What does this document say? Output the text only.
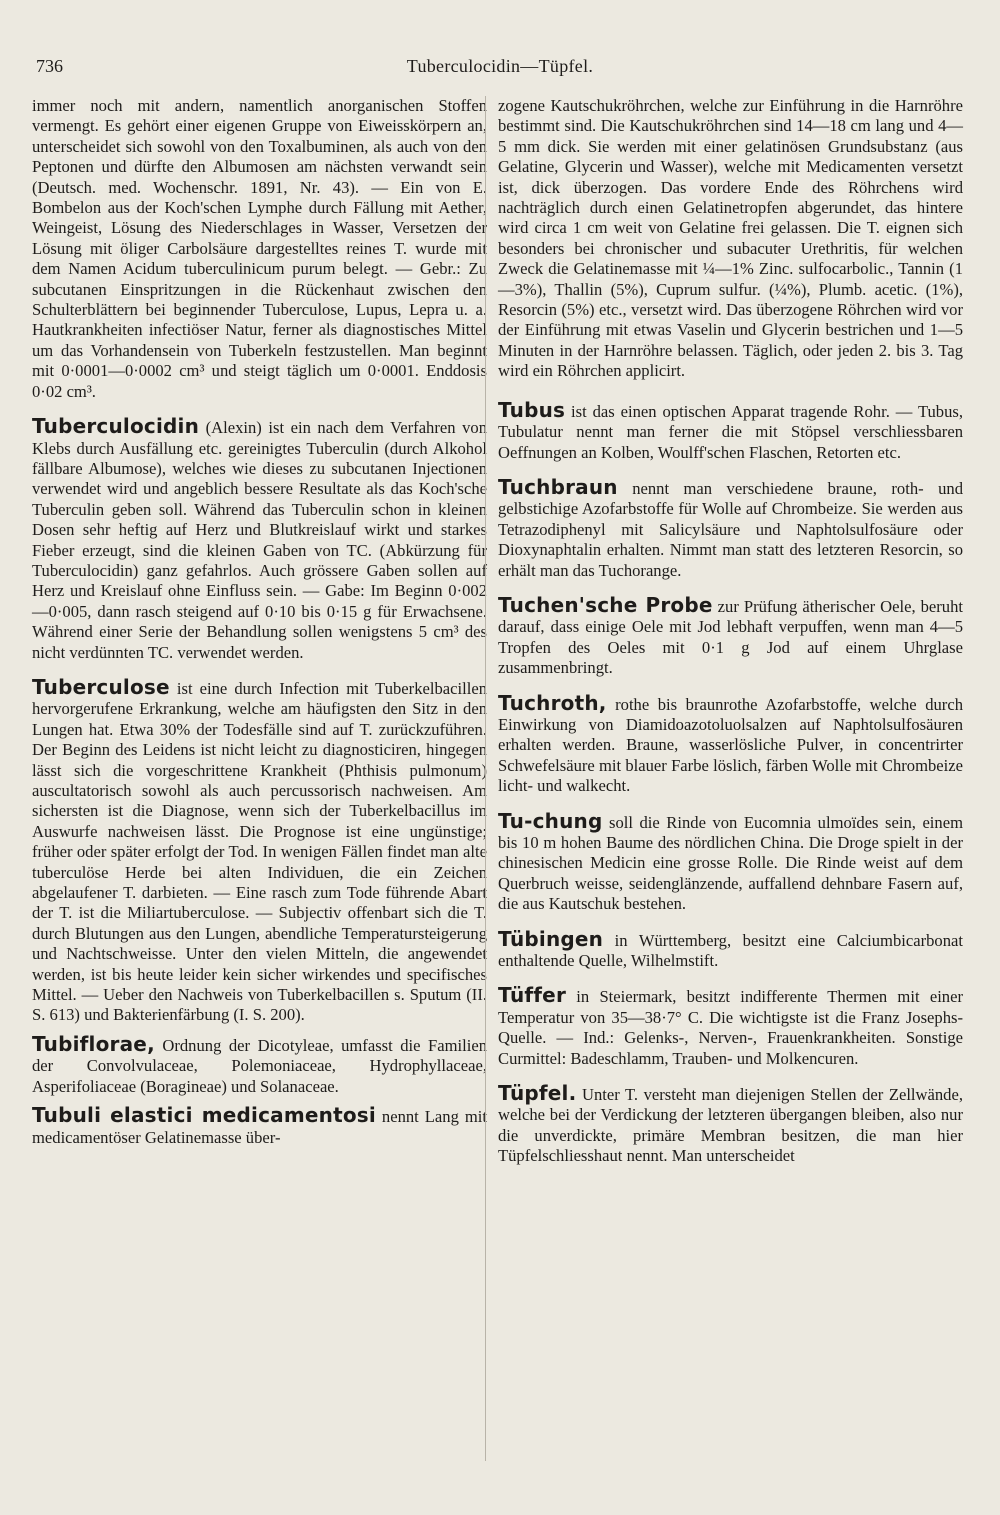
736	Tuberculocidin—Tüpfel.

immer noch mit andern, namentlich anorganischen Stoffen vermengt. Es gehört einer eigenen Gruppe von Eiweisskörpern an, unterscheidet sich sowohl von den Toxalbuminen, als auch von den Peptonen und dürfte den Albumosen am nächsten verwandt sein (Deutsch. med. Wochenschr. 1891, Nr. 43). — Ein von E. Bombelon aus der Koch'schen Lymphe durch Fällung mit Aether, Weingeist, Lösung des Niederschlages in Wasser, Versetzen der Lösung mit öliger Carbolsäure dargestelltes reines T. wurde mit dem Namen Acidum tuberculinicum purum belegt. — Gebr.: Zu subcutanen Einspritzungen in die Rückenhaut zwischen den Schulterblättern bei beginnender Tuberculose, Lupus, Lepra u. a. Hautkrankheiten infectiöser Natur, ferner als diagnostisches Mittel um das Vorhandensein von Tuberkeln festzustellen. Man beginnt mit 0·0001—0·0002 cm³ und steigt täglich um 0·0001. Enddosis 0·02 cm³.

Tuberculocidin (Alexin) ist ein nach dem Verfahren von Klebs durch Ausfällung etc. gereinigtes Tuberculin (durch Alkohol fällbare Albumose), welches wie dieses zu subcutanen Injectionen verwendet wird und angeblich bessere Resultate als das Koch'sche Tuberculin geben soll. Während das Tuberculin schon in kleinen Dosen sehr heftig auf Herz und Blutkreislauf wirkt und starkes Fieber erzeugt, sind die kleinen Gaben von TC. (Abkürzung für Tuberculocidin) ganz gefahrlos. Auch grössere Gaben sollen auf Herz und Kreislauf ohne Einfluss sein. — Gabe: Im Beginn 0·002—0·005, dann rasch steigend auf 0·10 bis 0·15 g für Erwachsene. Während einer Serie der Behandlung sollen wenigstens 5 cm³ des nicht verdünnten TC. verwendet werden.

Tuberculose ist eine durch Infection mit Tuberkelbacillen hervorgerufene Erkrankung, welche am häufigsten den Sitz in den Lungen hat. Etwa 30% der Todesfälle sind auf T. zurückzuführen. Der Beginn des Leidens ist nicht leicht zu diagnosticiren, hingegen lässt sich die vorgeschrittene Krankheit (Phthisis pulmonum) auscultatorisch sowohl als auch percussorisch nachweisen. Am sichersten ist die Diagnose, wenn sich der Tuberkelbacillus im Auswurfe nachweisen lässt. Die Prognose ist eine ungünstige; früher oder später erfolgt der Tod. In wenigen Fällen findet man alte tuberculöse Herde bei alten Individuen, die ein Zeichen abgelaufener T. darbieten. — Eine rasch zum Tode führende Abart der T. ist die Miliartuberculose. — Subjectiv offenbart sich die T. durch Blutungen aus den Lungen, abendliche Temperatursteigerung und Nachtschweisse. Unter den vielen Mitteln, die angewendet werden, ist bis heute leider kein sicher wirkendes und specifisches Mittel. — Ueber den Nachweis von Tuberkelbacillen s. Sputum (II. S. 613) und Bakterienfärbung (I. S. 200).

Tubiflorae, Ordnung der Dicotyleae, umfasst die Familien der Convolvulaceae, Polemoniaceae, Hydrophyllaceae, Asperifoliaceae (Boragineae) und Solanaceae.

Tubuli elastici medicamentosi nennt Lang mit medicamentöser Gelatinemasse über-

zogene Kautschukröhrchen, welche zur Einführung in die Harnröhre bestimmt sind. Die Kautschukröhrchen sind 14—18 cm lang und 4—5 mm dick. Sie werden mit einer gelatinösen Grundsubstanz (aus Gelatine, Glycerin und Wasser), welche mit Medicamenten versetzt ist, dick überzogen. Das vordere Ende des Röhrchens wird nachträglich durch einen Gelatinetropfen abgerundet, das hintere wird circa 1 cm weit von Gelatine frei gelassen. Die T. eignen sich besonders bei chronischer und subacuter Urethritis, für welchen Zweck die Gelatinemasse mit ¼—1% Zinc. sulfocarbolic., Tannin (1—3%), Thallin (5%), Cuprum sulfur. (¼%), Plumb. acetic. (1%), Resorcin (5%) etc., versetzt wird. Das überzogene Röhrchen wird vor der Einführung mit etwas Vaselin und Glycerin bestrichen und 1—5 Minuten in der Harnröhre belassen. Täglich, oder jeden 2. bis 3. Tag wird ein Röhrchen applicirt.

Tubus ist das einen optischen Apparat tragende Rohr. — Tubus, Tubulatur nennt man ferner die mit Stöpsel verschliessbaren Oeffnungen an Kolben, Woulff'schen Flaschen, Retorten etc.

Tuchbraun nennt man verschiedene braune, roth- und gelbstichige Azofarbstoffe für Wolle auf Chrombeize. Sie werden aus Tetrazodiphenyl mit Salicylsäure und Naphtolsulfosäure oder Dioxynaphtalin erhalten. Nimmt man statt des letzteren Resorcin, so erhält man das Tuchorange.

Tuchen'sche Probe zur Prüfung ätherischer Oele, beruht darauf, dass einige Oele mit Jod lebhaft verpuffen, wenn man 4—5 Tropfen des Oeles mit 0·1 g Jod auf einem Uhrglase zusammenbringt.

Tuchroth, rothe bis braunrothe Azofarbstoffe, welche durch Einwirkung von Diamidoazotoluolsalzen auf Naphtolsulfosäuren erhalten werden. Braune, wasserlösliche Pulver, in concentrirter Schwefelsäure mit blauer Farbe löslich, färben Wolle mit Chrombeize licht- und walkecht.

Tu-chung soll die Rinde von Eucomnia ulmoïdes sein, einem bis 10 m hohen Baume des nördlichen China. Die Droge spielt in der chinesischen Medicin eine grosse Rolle. Die Rinde weist auf dem Querbruch weisse, seidenglänzende, auffallend dehnbare Fasern auf, die aus Kautschuk bestehen.

Tübingen in Württemberg, besitzt eine Calciumbicarbonat enthaltende Quelle, Wilhelmstift.

Tüffer in Steiermark, besitzt indifferente Thermen mit einer Temperatur von 35—38·7° C. Die wichtigste ist die Franz Josephs-Quelle. — Ind.: Gelenks-, Nerven-, Frauenkrankheiten. Sonstige Curmittel: Badeschlamm, Trauben- und Molkencuren.

Tüpfel. Unter T. versteht man diejenigen Stellen der Zellwände, welche bei der Verdickung der letzteren übergangen bleiben, also nur die unverdickte, primäre Membran besitzen, die man hier Tüpfelschliesshaut nennt. Man unterscheidet
